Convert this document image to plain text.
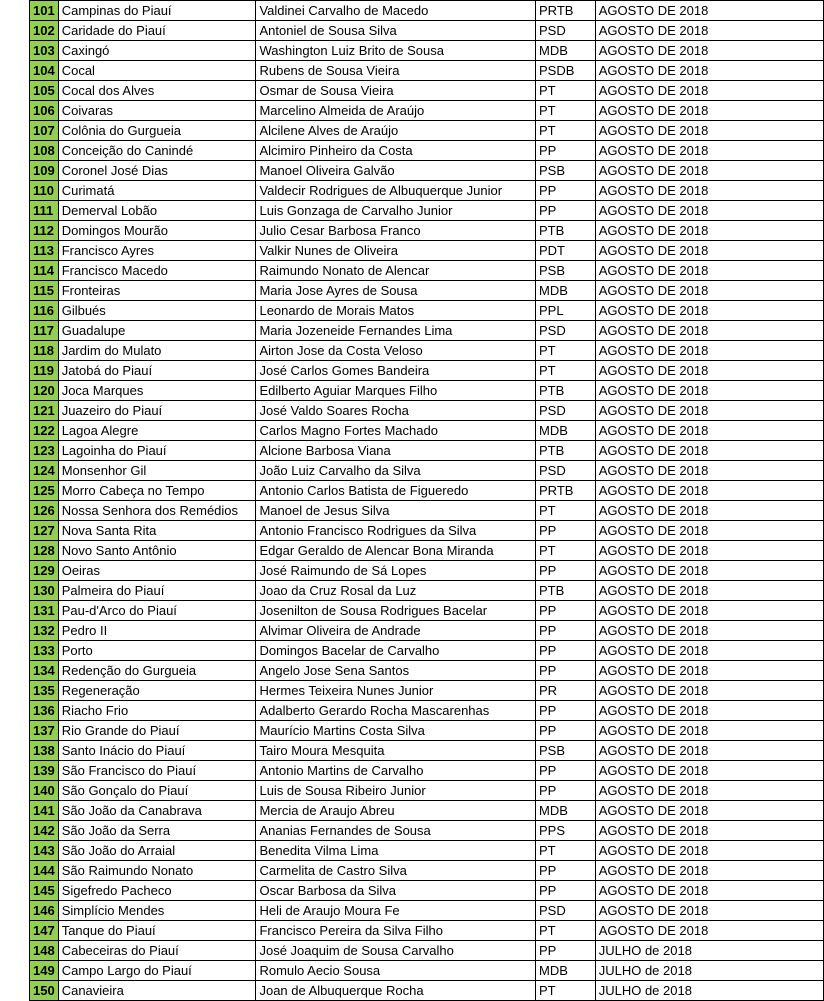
101	Campinas do Piauí	Valdinei Carvalho de Macedo	PRTB	AGOSTO DE 2018
102	Caridade do Piauí	Antoniel de Sousa Silva	PSD	AGOSTO DE 2018
103	Caxingó	Washington Luiz Brito de Sousa	MDB	AGOSTO DE 2018
104	Cocal	Rubens de Sousa Vieira	PSDB	AGOSTO DE 2018
105	Cocal dos Alves	Osmar de Sousa Vieira	PT	AGOSTO DE 2018
106	Coivaras	Marcelino Almeida de Araújo	PT	AGOSTO DE 2018
107	Colônia do Gurgueia	Alcilene Alves de Araújo	PT	AGOSTO DE 2018
108	Conceição do Canindé	Alcimiro Pinheiro da Costa	PP	AGOSTO DE 2018
109	Coronel José Dias	Manoel Oliveira Galvão	PSB	AGOSTO DE 2018
110	Curimatá	Valdecir Rodrigues de Albuquerque Junior	PP	AGOSTO DE 2018
111	Demerval Lobão	Luis Gonzaga de Carvalho Junior	PP	AGOSTO DE 2018
112	Domingos Mourão	Julio Cesar Barbosa Franco	PTB	AGOSTO DE 2018
113	Francisco Ayres	Valkir Nunes de Oliveira	PDT	AGOSTO DE 2018
114	Francisco Macedo	Raimundo Nonato de Alencar	PSB	AGOSTO DE 2018
115	Fronteiras	Maria Jose Ayres de Sousa	MDB	AGOSTO DE 2018
116	Gilbués	Leonardo de Morais Matos	PPL	AGOSTO DE 2018
117	Guadalupe	Maria Jozeneide Fernandes Lima	PSD	AGOSTO DE 2018
118	Jardim do Mulato	Airton Jose da Costa Veloso	PT	AGOSTO DE 2018
119	Jatobá do Piauí	José Carlos Gomes Bandeira	PT	AGOSTO DE 2018
120	Joca Marques	Edilberto Aguiar Marques Filho	PTB	AGOSTO DE 2018
121	Juazeiro do Piauí	José Valdo Soares Rocha	PSD	AGOSTO DE 2018
122	Lagoa Alegre	Carlos Magno Fortes Machado	MDB	AGOSTO DE 2018
123	Lagoinha do Piauí	Alcione Barbosa Viana	PTB	AGOSTO DE 2018
124	Monsenhor Gil	João Luiz Carvalho da Silva	PSD	AGOSTO DE 2018
125	Morro Cabeça no Tempo	Antonio Carlos Batista de Figueredo	PRTB	AGOSTO DE 2018
126	Nossa Senhora dos Remédios	Manoel de Jesus Silva	PT	AGOSTO DE 2018
127	Nova Santa Rita	Antonio Francisco Rodrigues da Silva	PP	AGOSTO DE 2018
128	Novo Santo Antônio	Edgar Geraldo de Alencar Bona Miranda	PT	AGOSTO DE 2018
129	Oeiras	José Raimundo de Sá Lopes	PP	AGOSTO DE 2018
130	Palmeira do Piauí	Joao da Cruz Rosal da Luz	PTB	AGOSTO DE 2018
131	Pau-d'Arco do Piauí	Josenilton de Sousa Rodrigues Bacelar	PP	AGOSTO DE 2018
132	Pedro II	Alvimar Oliveira de Andrade	PP	AGOSTO DE 2018
133	Porto	Domingos Bacelar de Carvalho	PP	AGOSTO DE 2018
134	Redenção do Gurgueia	Angelo Jose Sena Santos	PP	AGOSTO DE 2018
135	Regeneração	Hermes Teixeira Nunes Junior	PR	AGOSTO DE 2018
136	Riacho Frio	Adalberto Gerardo Rocha Mascarenhas	PP	AGOSTO DE 2018
137	Rio Grande do Piauí	Maurício Martins Costa Silva	PP	AGOSTO DE 2018
138	Santo Inácio do Piauí	Tairo Moura Mesquita	PSB	AGOSTO DE 2018
139	São Francisco do Piauí	Antonio Martins de Carvalho	PP	AGOSTO DE 2018
140	São Gonçalo do Piauí	Luis de Sousa Ribeiro Junior	PP	AGOSTO DE 2018
141	São João da Canabrava	Mercia de Araujo Abreu	MDB	AGOSTO DE 2018
142	São João da Serra	Ananias Fernandes de Sousa	PPS	AGOSTO DE 2018
143	São João do Arraial	Benedita Vilma Lima	PT	AGOSTO DE 2018
144	São Raimundo Nonato	Carmelita de Castro Silva	PP	AGOSTO DE 2018
145	Sigefredo Pacheco	Oscar Barbosa da Silva	PP	AGOSTO DE 2018
146	Simplício Mendes	Heli de Araujo Moura Fe	PSD	AGOSTO DE 2018
147	Tanque do Piauí	Francisco Pereira da Silva Filho	PT	AGOSTO DE 2018
148	Cabeceiras do Piauí	José Joaquim de Sousa Carvalho	PP	JULHO de 2018
149	Campo Largo do Piauí	Romulo Aecio Sousa	MDB	JULHO de 2018
150	Canavieira	Joan de Albuquerque Rocha	PT	JULHO de 2018
